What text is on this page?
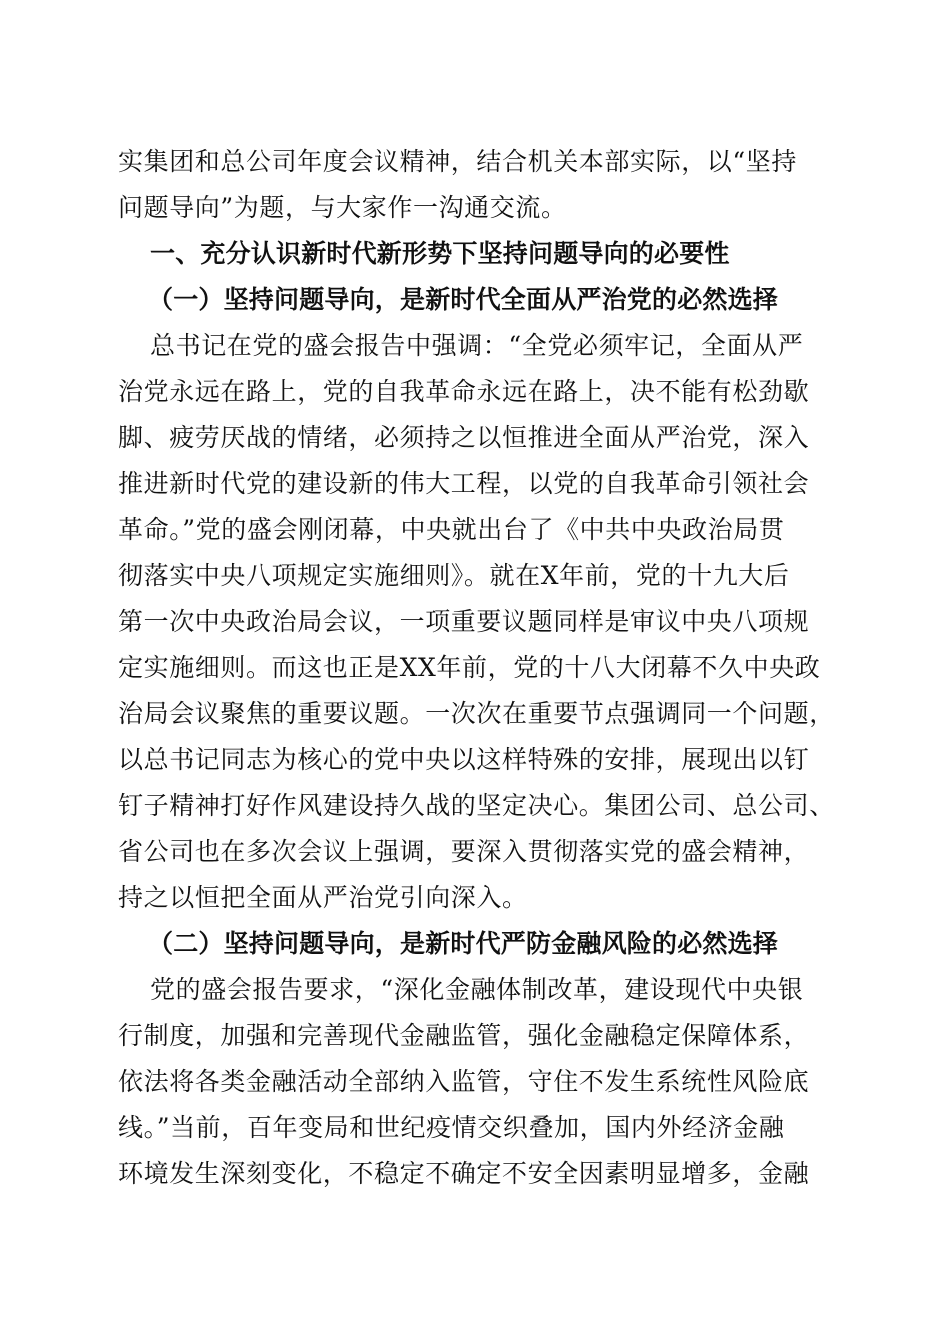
实集团和总公司年度会议精神，结合机关本部实际，以“坚持
问题导向”为题，与大家作一沟通交流。
一、充分认识新时代新形势下坚持问题导向的必要性
（一）坚持问题导向，是新时代全面从严治党的必然选择
总书记在党的盛会报告中强调：“全党必须牢记，全面从严
治党永远在路上，党的自我革命永远在路上，决不能有松劲歇
脚、疲劳厌战的情绪，必须持之以恒推进全面从严治党，深入
推进新时代党的建设新的伟大工程，以党的自我革命引领社会
革命。”党的盛会刚闭幕，中央就出台了《中共中央政治局贯
彻落实中央八项规定实施细则》。就在X年前，党的十九大后
第一次中央政治局会议，一项重要议题同样是审议中央八项规
定实施细则。而这也正是XX年前，党的十八大闭幕不久中央政
治局会议聚焦的重要议题。一次次在重要节点强调同一个问题，
以总书记同志为核心的党中央以这样特殊的安排，展现出以钉
钉子精神打好作风建设持久战的坚定决心。集团公司、总公司、
省公司也在多次会议上强调，要深入贯彻落实党的盛会精神，
持之以恒把全面从严治党引向深入。
（二）坚持问题导向，是新时代严防金融风险的必然选择
党的盛会报告要求，“深化金融体制改革，建设现代中央银
行制度，加强和完善现代金融监管，强化金融稳定保障体系，
依法将各类金融活动全部纳入监管，守住不发生系统性风险底
线。”当前，百年变局和世纪疫情交织叠加，国内外经济金融
环境发生深刻变化，不稳定不确定不安全因素明显增多，金融
